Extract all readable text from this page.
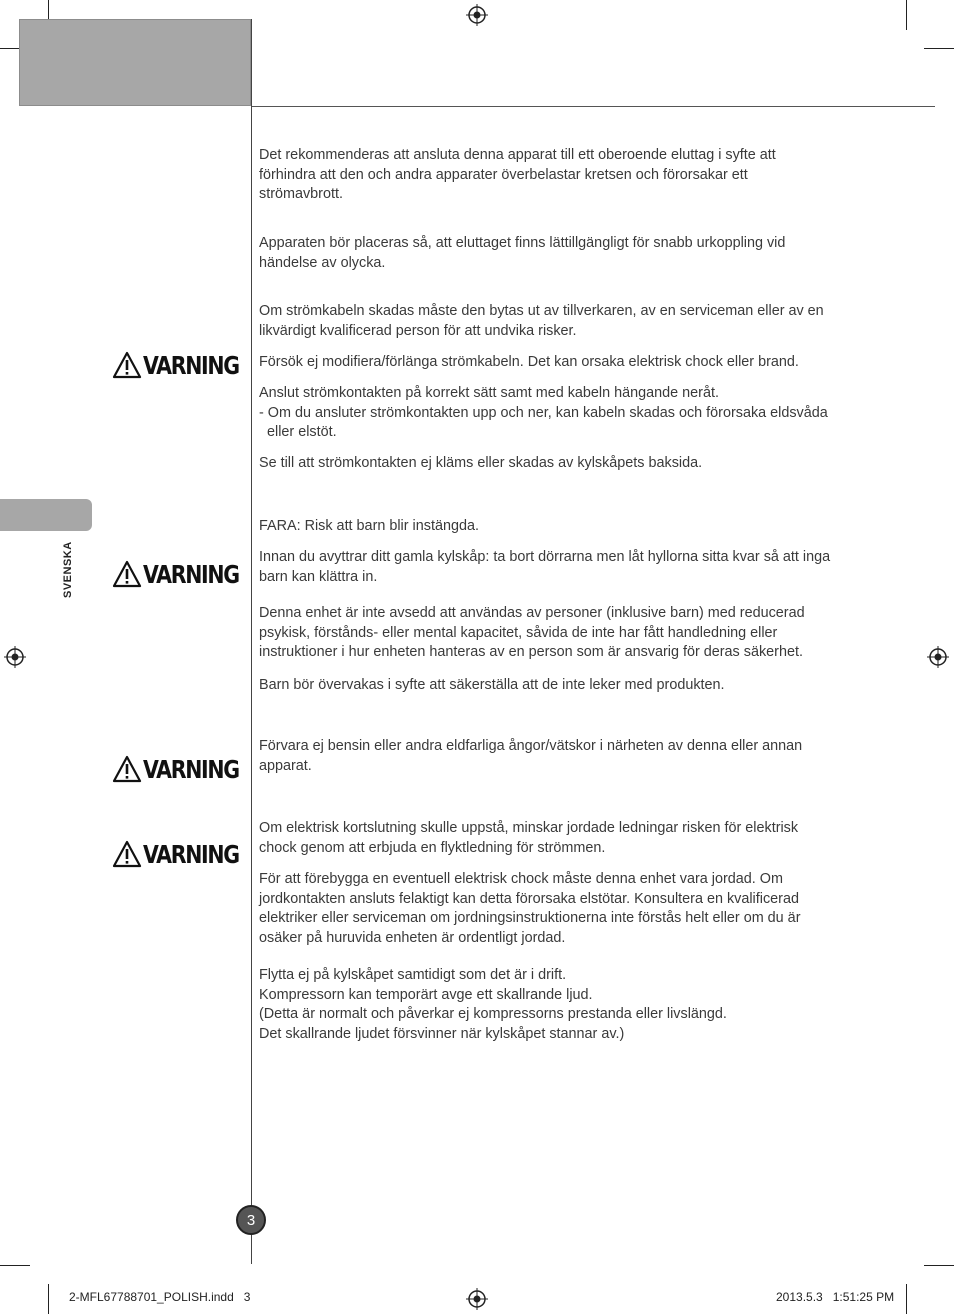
SVENSKA
VARNING
VARNING
VARNING
VARNING

Det rekommenderas att ansluta denna apparat till ett oberoende eluttag i syfte att
förhindra att den och andra apparater överbelastar kretsen och förorsakar ett
strömavbrott.

Apparaten bör placeras så, att eluttaget finns lättillgängligt för snabb urkoppling vid
händelse av olycka.

Om strömkabeln skadas måste den bytas ut av tillverkaren, av en serviceman eller av en
likvärdigt kvalificerad person för att undvika risker.

Försök ej modifiera/förlänga strömkabeln. Det kan orsaka elektrisk chock eller brand.

Anslut strömkontakten på korrekt sätt samt med kabeln hängande neråt.
- Om du ansluter strömkontakten upp och ner, kan kabeln skadas och förorsaka eldsvåda
eller elstöt.

Se till att strömkontakten ej kläms eller skadas av kylskåpets baksida.

FARA: Risk att barn blir instängda.

Innan du avyttrar ditt gamla kylskåp: ta bort dörrarna men låt hyllorna sitta kvar så att inga
barn kan klättra in.

Denna enhet är inte avsedd att användas av personer (inklusive barn) med reducerad
psykisk, förstånds- eller mental kapacitet, såvida de inte har fått handledning eller
instruktioner i hur enheten hanteras av en person som är ansvarig för deras säkerhet.

Barn bör övervakas i syfte att säkerställa att de inte leker med produkten.

Förvara ej bensin eller andra eldfarliga ångor/vätskor i närheten av denna eller annan
apparat.

Om elektrisk kortslutning skulle uppstå, minskar jordade ledningar risken för elektrisk
chock genom att erbjuda en flyktledning för strömmen.

För att förebygga en eventuell elektrisk chock måste denna enhet vara jordad. Om
jordkontakten ansluts felaktigt kan detta förorsaka elstötar. Konsultera en kvalificerad
elektriker eller serviceman om jordningsinstruktionerna inte förstås helt eller om du är
osäker på huruvida enheten är ordentligt jordad.

Flytta ej på kylskåpet samtidigt som det är i drift.
Kompressorn kan temporärt avge ett skallrande ljud.
(Detta är normalt och påverkar ej kompressorns prestanda eller livslängd.
Det skallrande ljudet försvinner när kylskåpet stannar av.)

3
2-MFL67788701_POLISH.indd   3	2013.5.3   1:51:25 PM
